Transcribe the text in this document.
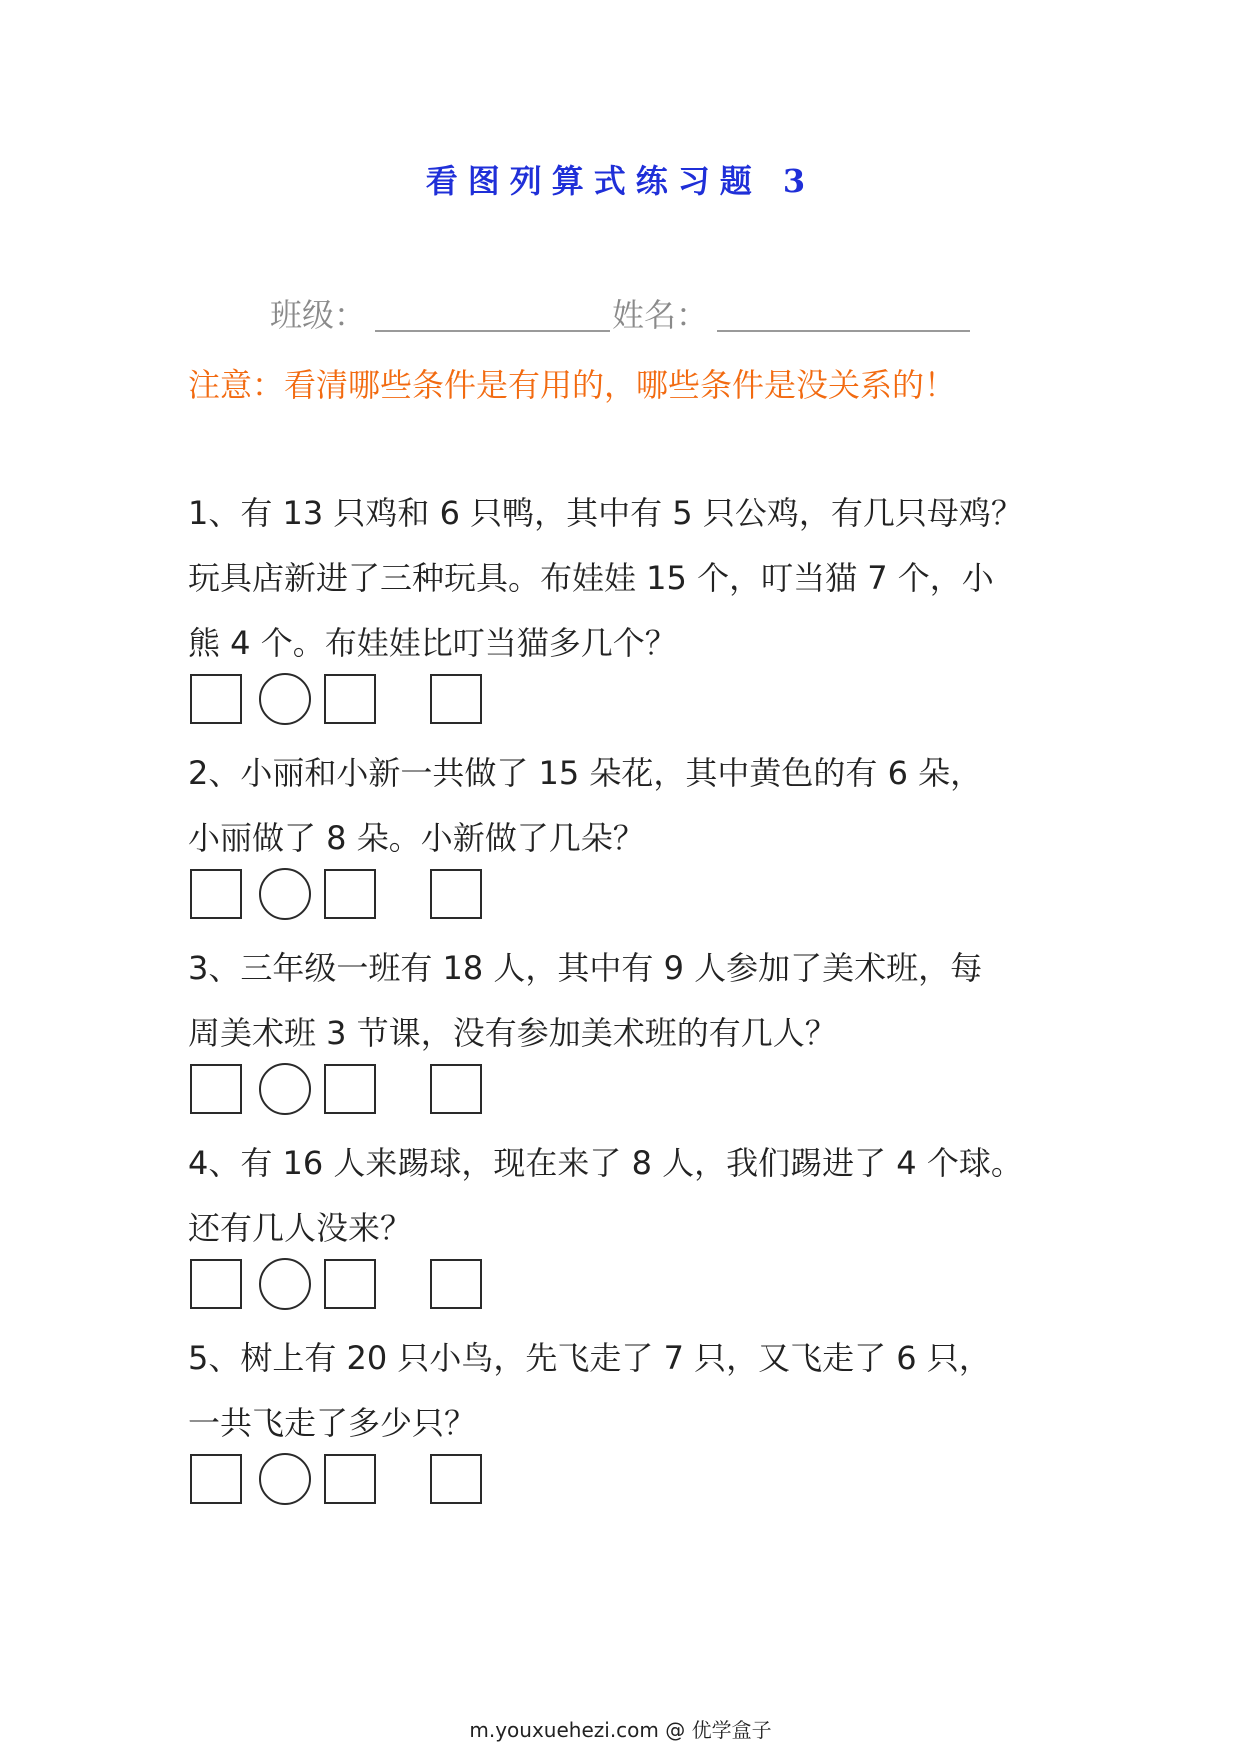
看图列算式练习题 3
班级：	姓名：
注意：看清哪些条件是有用的，哪些条件是没关系的！
1、有 13 只鸡和 6 只鸭，其中有 5 只公鸡，有几只母鸡？
玩具店新进了三种玩具。布娃娃 15 个，叮当猫 7 个，小
熊 4 个。布娃娃比叮当猫多几个？
2、小丽和小新一共做了 15 朵花，其中黄色的有 6 朵，
小丽做了 8 朵。小新做了几朵？
3、三年级一班有 18 人，其中有 9 人参加了美术班，每
周美术班 3 节课，没有参加美术班的有几人？
4、有 16 人来踢球，现在来了 8 人，我们踢进了 4 个球。
还有几人没来？
5、树上有 20 只小鸟，先飞走了 7 只，又飞走了 6 只，
一共飞走了多少只？
m.youxuehezi.com @ 优学盒子
